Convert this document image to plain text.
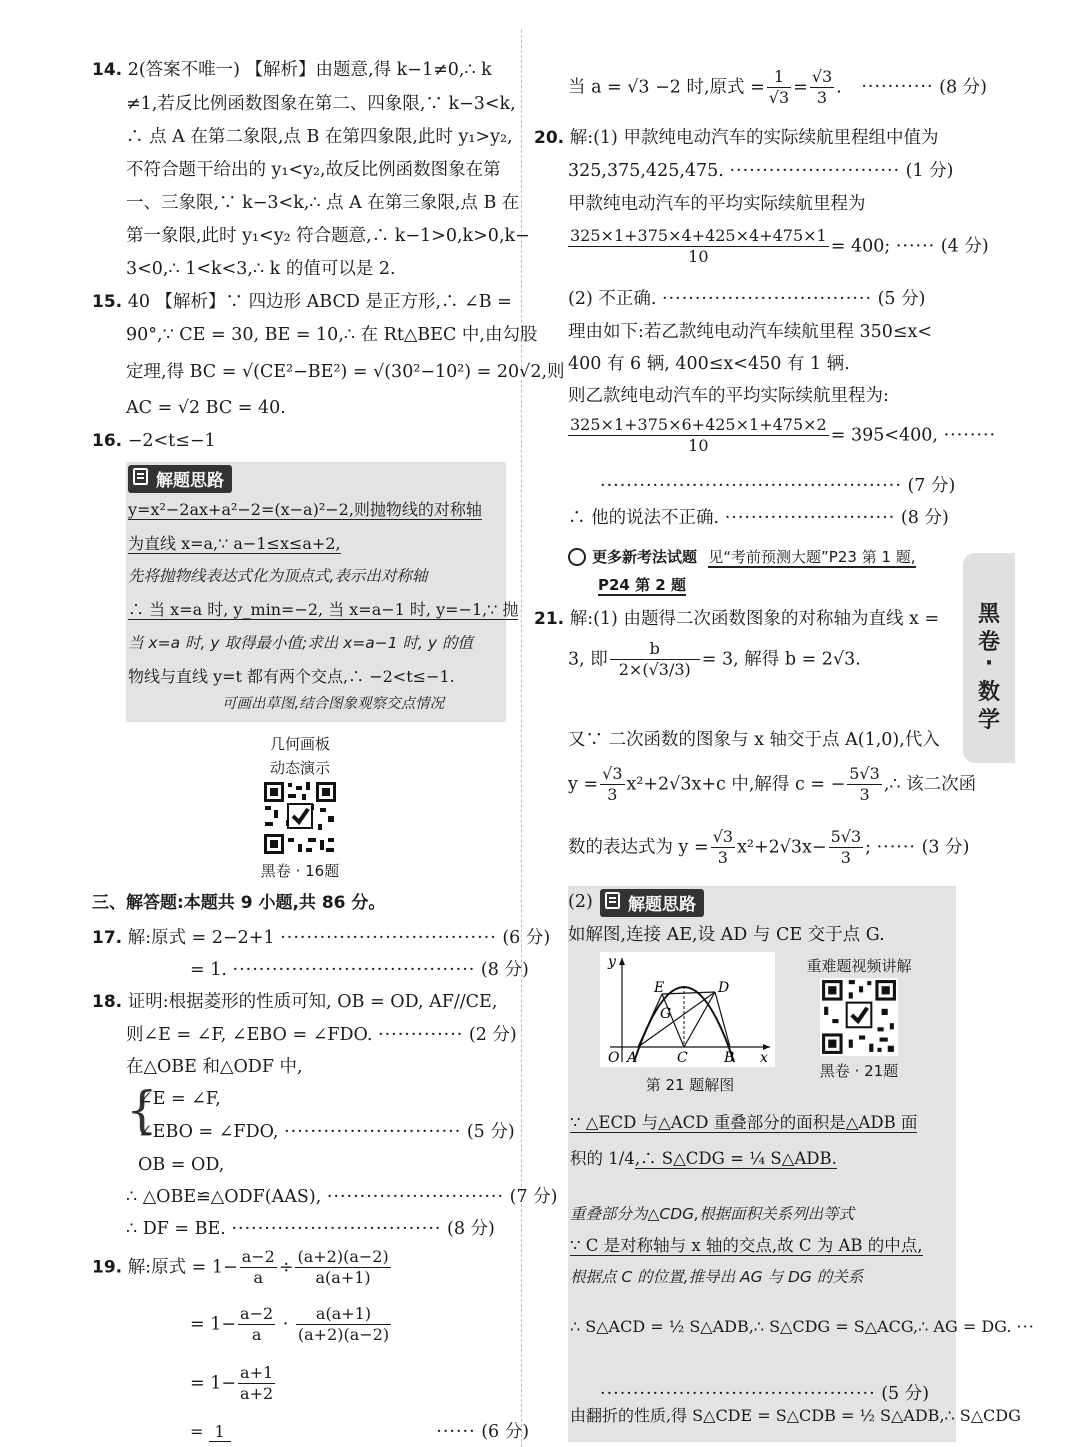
14. 2(答案不唯一) 【解析】由题意,得 k−1≠0,∴ k
≠1,若反比例函数图象在第二、四象限,∵ k−3<k,
∴ 点 A 在第二象限,点 B 在第四象限,此时 y₁>y₂,
不符合题干给出的 y₁<y₂,故反比例函数图象在第
一、三象限,∵ k−3<k,∴ 点 A 在第三象限,点 B 在
第一象限,此时 y₁<y₂ 符合题意,∴ k−1>0,k>0,k−
3<0,∴ 1<k<3,∴ k 的值可以是 2.
15. 40 【解析】∵ 四边形 ABCD 是正方形,∴ ∠B =
90°,∵ CE = 30, BE = 10,∴ 在 Rt△BEC 中,由勾股
定理,得 BC = √(CE²−BE²) = √(30²−10²) = 20√2,则
AC = √2 BC = 40.
16. −2<t≤−1
解题思路
y=x²−2ax+a²−2=(x−a)²−2,则抛物线的对称轴
为直线 x=a,∵ a−1≤x≤a+2,
先将抛物线表达式化为顶点式,表示出对称轴
∴ 当 x=a 时, y_min=−2, 当 x=a−1 时, y=−1,∵ 抛
当 x=a 时, y 取得最小值;求出 x=a−1 时, y 的值
物线与直线 y=t 都有两个交点,∴ −2<t≤−1.
可画出草图,结合图象观察交点情况
几何画板
动态演示
黑卷 · 16题
三、解答题:本题共 9 小题,共 86 分。
17. 解:原式 = 2−2+1 ································· (6 分)
= 1. ····································· (8 分)
18. 证明:根据菱形的性质可知, OB = OD, AF//CE,
则∠E = ∠F, ∠EBO = ∠FDO. ············· (2 分)
在△OBE 和△ODF 中,
{
∠E = ∠F,
∠EBO = ∠FDO, ··························· (5 分)
OB = OD,
∴ △OBE≌△ODF(AAS), ··························· (7 分)
∴ DF = BE. ································ (8 分)
19. 解:原式 = $1- \frac{a-2}{a} \div \frac{(a+2)(a-2)}{a(a+1)}$
= $1- \frac{a-2}{a} \cdot \frac{a(a+1)}{(a+2)(a-2)}$
= $1- \frac{a+1}{a+2}$
= 1	······ (6 分)
当 a = √3 −2 时,原式 = $\frac{1}{√3} = \frac{√3}{3}$ . ··········· (8 分)
20. 解:(1) 甲款纯电动汽车的实际续航里程组中值为
325,375,425,475. ·························· (1 分)
甲款纯电动汽车的平均实际续航里程为
$\frac{325\times 1+375\times 4+425\times 4+475\times 1}{10} = 400$; ······ (4 分)
(2) 不正确. ································ (5 分)
理由如下:若乙款纯电动汽车续航里程 350≤x<
400 有 6 辆, 400≤x<450 有 1 辆.
则乙款纯电动汽车的平均实际续航里程为:
$\frac{325\times 1+375\times 6+425\times 1+475\times 2}{10} = 395<400$, ········
·············································· (7 分)
∴ 他的说法不正确. ·························· (8 分)
更多新考法试题 见“考前预测大题”P23 第 1 题,
P24 第 2 题
黑
卷
·
数
学
21. 解:(1) 由题得二次函数图象的对称轴为直线 x =
3, 即 $\frac{b}{2\times(√3/3)} = 3$, 解得 b = 2√3.
又∵ 二次函数的图象与 x 轴交于点 A(1,0),代入
$y = \frac{√3}{3} x^2+2√3x+c$ 中,解得 c = − $\frac{5√3}{3}$ ,∴ 该二次函
数的表达式为 $y = \frac{√3}{3} x^2+2√3x- \frac{5√3}{3}$ ; ······ (3 分)
(2)	解题思路
如解图,连接 AE,设 AD 与 CE 交于点 G.
y
x
O A	C	B
D
E
G
第 21 题解图
重难题视频讲解
黑卷 · 21题
∵ △ECD 与△ACD 重叠部分的面积是△ADB 面
积的 1/4,∴ S△CDG = ¼ S△ADB.
重叠部分为△CDG,根据面积关系列出等式
∵ C 是对称轴与 x 轴的交点,故 C 为 AB 的中点,
根据点 C 的位置,推导出 AG 与 DG 的关系
∴ S△ACD = ½ S△ADB,∴ S△CDG = S△ACG,∴ AG = DG. ···
·········································· (5 分)
由翻折的性质,得 S△CDE = S△CDB = ½ S△ADB,∴ S△CDG
